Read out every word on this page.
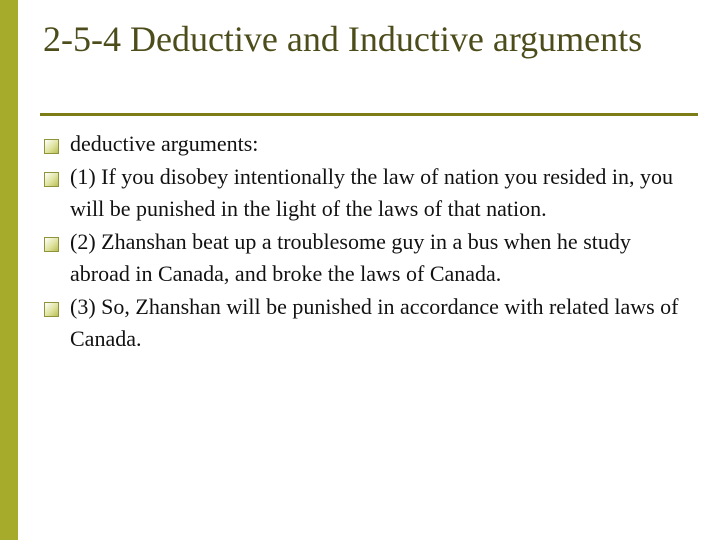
2-5-4 Deductive and Inductive arguments
deductive arguments:
(1) If you disobey intentionally the law of nation you resided in, you will be punished in the light of the laws of that nation.
(2) Zhanshan beat up a troublesome guy in a bus when he study abroad in Canada, and broke the laws of Canada.
(3) So, Zhanshan will be punished in accordance with related laws of Canada.
